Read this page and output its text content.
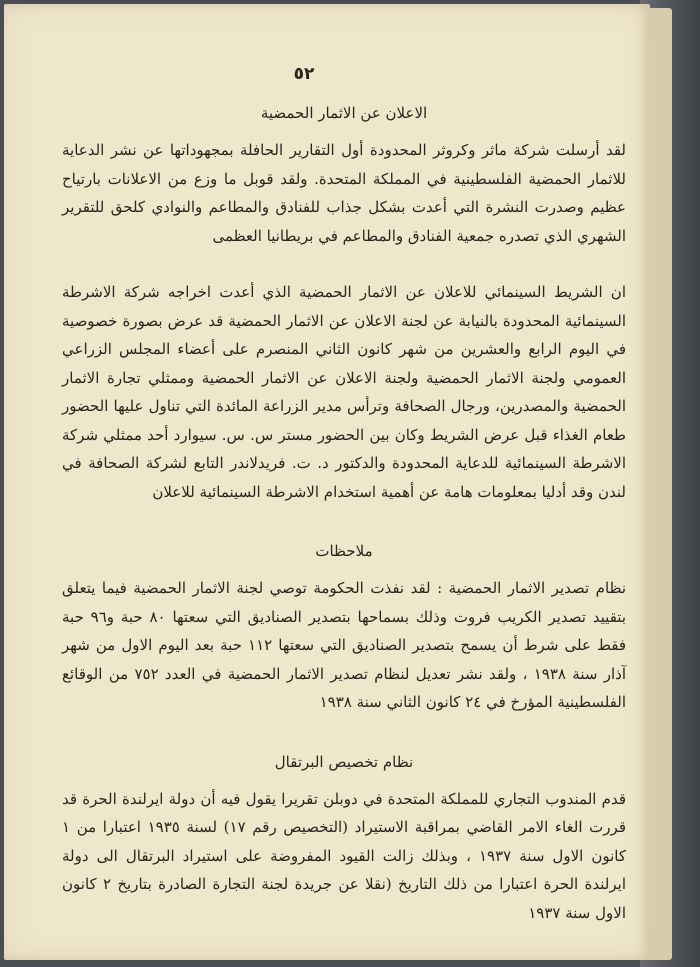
٥٢
الاعلان عن الاثمار الحمضية

لقد أرسلت شركة ماثر وكروثر المحدودة أول التقارير الحافلة بمجهوداتها عن نشر الدعاية للاثمار الحمضية الفلسطينية في المملكة المتحدة. ولقد قوبل ما وزع من الاعلانات بارتياح عظيم وصدرت النشرة التي أعدت بشكل جذاب للفنادق والمطاعم والنوادي كلحق للتقرير الشهري الذي تصدره جمعية الفنادق والمطاعم في بريطانيا العظمى

ان الشريط السينمائي للاعلان عن الاثمار الحمضية الذي أعدت اخراجه شركة الاشرطة السينمائية المحدودة بالنيابة عن لجنة الاعلان عن الاثمار الحمضية قد عرض بصورة خصوصية في اليوم الرابع والعشرين من شهر كانون الثاني المنصرم على أعضاء المجلس الزراعي العمومي ولجنة الاثمار الحمضية ولجنة الاعلان عن الاثمار الحمضية وممثلي تجارة الاثمار الحمضية والمصدرين، ورجال الصحافة وترأس مدير الزراعة المائدة التي تناول عليها الحضور طعام الغذاء قبل عرض الشريط وكان بين الحضور مستر س. س. سيوارد أحد ممثلي شركة الاشرطة السينمائية للدعاية المحدودة والدكتور د. ت. فريدلاندر التابع لشركة الصحافة في لندن وقد أدليا بمعلومات هامة عن أهمية استخدام الاشرطة السينمائية للاعلان

ملاحظات

نظام تصدير الاثمار الحمضية : لقد نفذت الحكومة توصي لجنة الاثمار الحمضية فيما يتعلق بتقييد تصدير الكريب فروت وذلك بسماحها بتصدير الصناديق التي سعتها ٨٠ حبة و٩٦ حبة فقط على شرط أن يسمح بتصدير الصناديق التي سعتها ١١٢ حبة بعد اليوم الاول من شهر آذار سنة ١٩٣٨ ، ولقد نشر تعديل لنظام تصدير الاثمار الحمضية في العدد ٧٥٢ من الوقائع الفلسطينية المؤرخ في ٢٤ كانون الثاني سنة ١٩٣٨

نظام تخصيص البرتقال

قدم المندوب التجاري للمملكة المتحدة في دوبلن تقريرا يقول فيه أن دولة ايرلندة الحرة قد قررت الغاء الامر القاضي بمراقبة الاستيراد (التخصيص رقم ١٧) لسنة ١٩٣٥ اعتبارا من ١ كانون الاول سنة ١٩٣٧ ، وبذلك زالت القيود المفروضة على استيراد البرتقال الى دولة ايرلندة الحرة اعتبارا من ذلك التاريخ (نقلا عن جريدة لجنة التجارة الصادرة بتاريخ ٢ كانون الاول سنة ١٩٣٧
